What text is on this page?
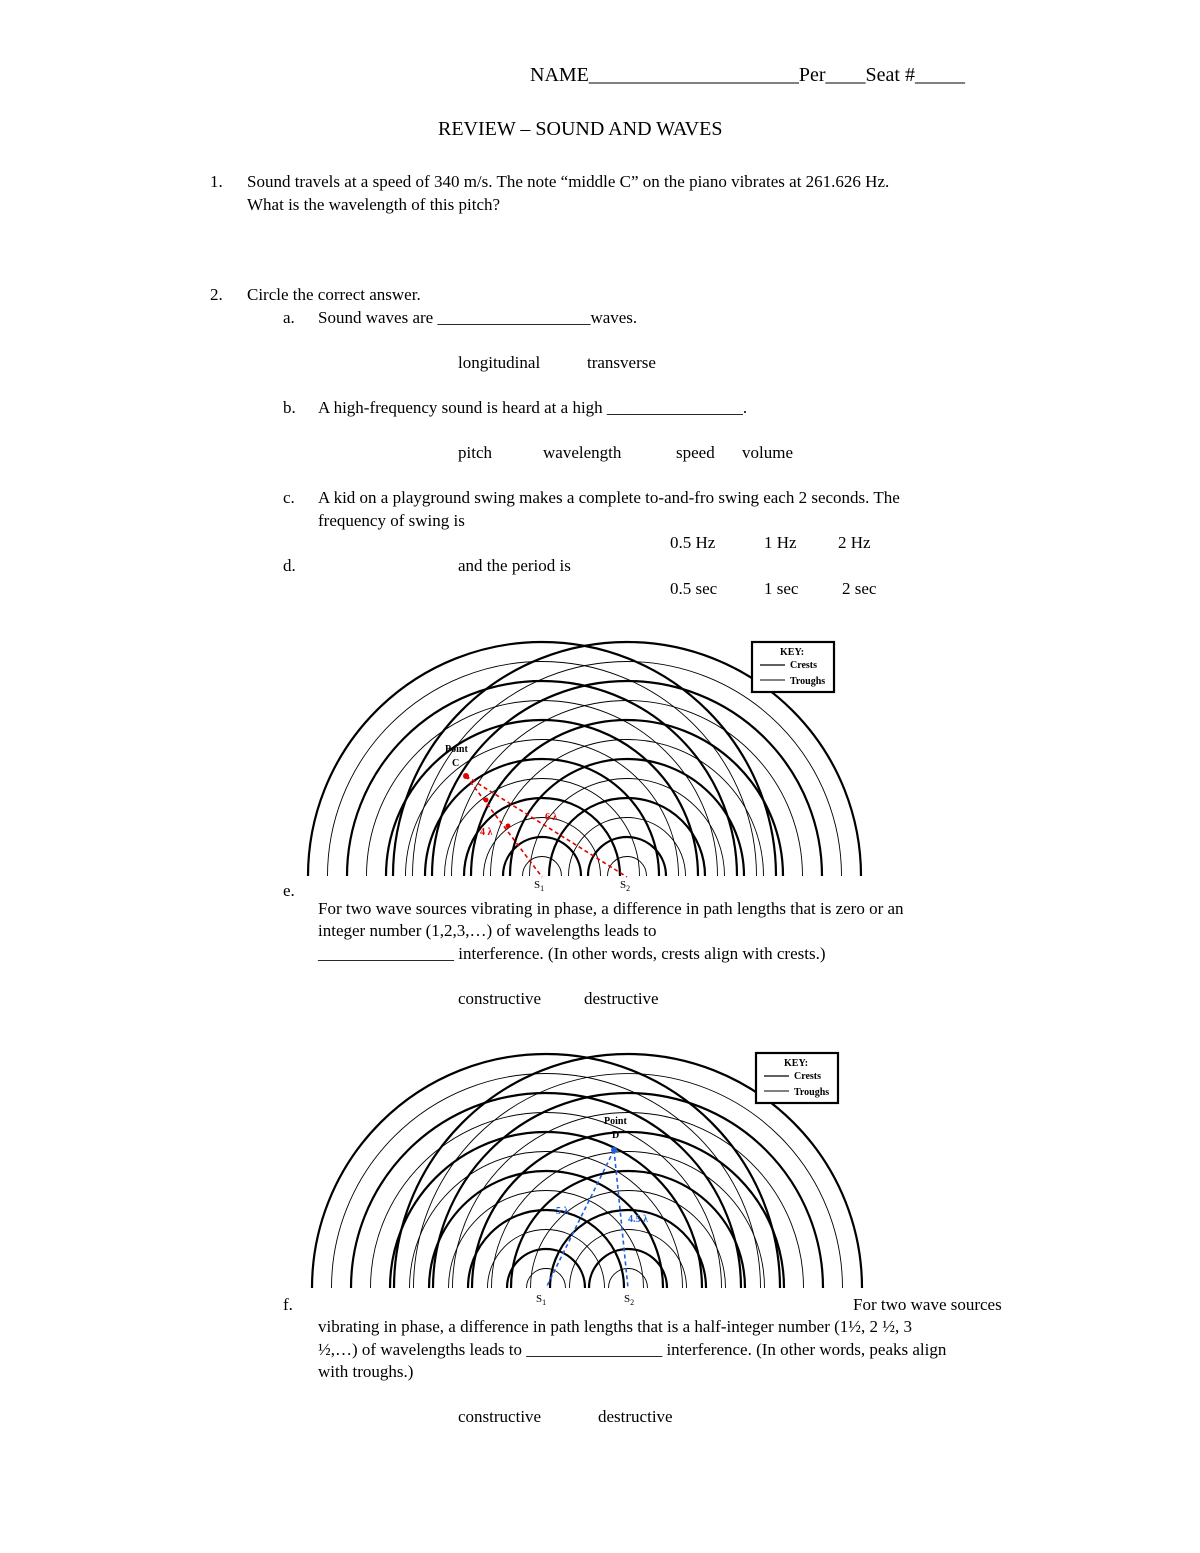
NAME_____________________Per____Seat #_____
REVIEW – SOUND AND WAVES
1. Sound travels at a speed of 340 m/s. The note “middle C” on the piano vibrates at 261.626 Hz.
What is the wavelength of this pitch?
2. Circle the correct answer.
a. Sound waves are __________________waves.
longitudinal	transverse
b. A high-frequency sound is heard at a high ________________.
pitch	wavelength	speed volume
c. A kid on a playground swing makes a complete to-and-fro swing each 2 seconds. The
frequency of swing is
0.5 Hz	1 Hz 2 Hz
d.	and the period is
0.5 sec	1 sec	2 sec
4 λ
6 λ
Point
C
$S_1$	$S_2$
KEY:
Crests
Troughs
e.
For two wave sources vibrating in phase, a difference in path lengths that is zero or an
integer number (1,2,3,…) of wavelengths leads to
________________ interference. (In other words, crests align with crests.)
constructive	destructive
5 λ
4.5 λ
Point
D
$S_1$	$S_2$
KEY:
Crests
Troughs
f.	For two wave sources
vibrating in phase, a difference in path lengths that is a half-integer number (1½, 2 ½, 3
½,…) of wavelengths leads to ________________ interference. (In other words, peaks align
with troughs.)
constructive	destructive
